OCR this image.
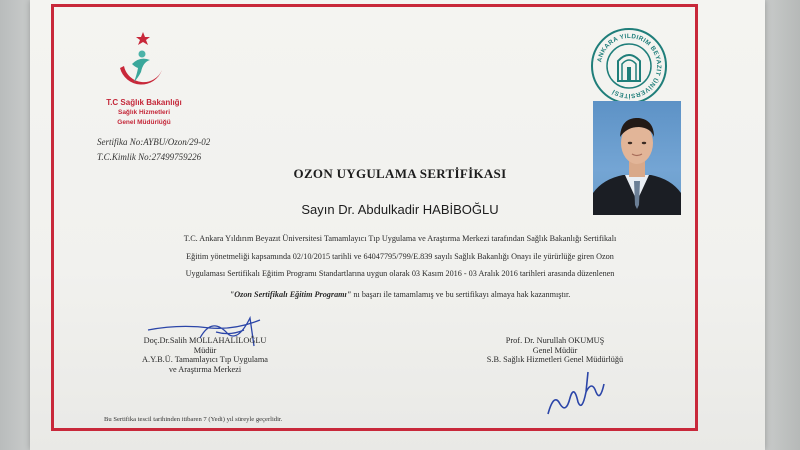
T.C Sağlık Bakanlığı
Sağlık Hizmetleri
Genel Müdürlüğü
Sertifika No:AYBU/Ozon/29-02
T.C.Kimlik No:27499759226
ANKARA YILDIRIM BEYAZIT ÜNİVERSİTESİ
OZON UYGULAMA SERTİFİKASI
Sayın Dr. Abdulkadir HABİBOĞLU
T.C. Ankara Yıldırım Beyazıt Üniversitesi Tamamlayıcı Tıp Uygulama ve Araştırma Merkezi tarafından Sağlık Bakanlığı Sertifikalı
Eğitim yönetmeliği kapsamında 02/10/2015 tarihli ve 64047795/799/E.839 sayılı Sağlık Bakanlığı Onayı ile yürürlüğe giren Ozon
Uygulaması Sertifikalı Eğitim Programı Standartlarına uygun olarak 03 Kasım 2016 - 03 Aralık 2016 tarihleri arasında düzenlenen
"Ozon Sertifikalı Eğitim Programı" nı başarı ile tamamlamış ve bu sertifikayı almaya hak kazanmıştır.
Doç.Dr.Salih MOLLAHALİLOĞLU
Müdür
A.Y.B.Ü. Tamamlayıcı Tıp Uygulama
ve Araştırma Merkezi
Prof. Dr. Nurullah OKUMUŞ
Genel Müdür
S.B. Sağlık Hizmetleri Genel Müdürlüğü
Bu Sertifika tescil tarihinden itibaren 7 (Yedi) yıl süreyle geçerlidir.
